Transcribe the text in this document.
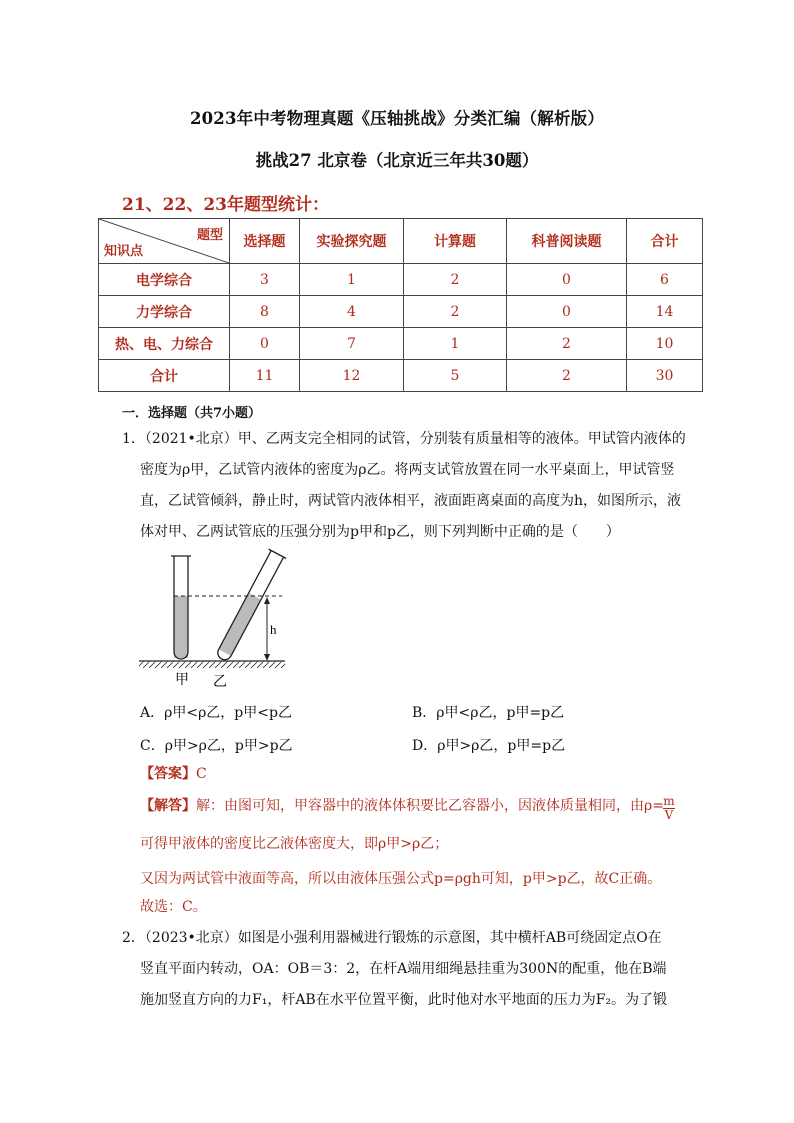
2023年中考物理真题《压轴挑战》分类汇编（解析版）
挑战27 北京卷（北京近三年共30题）
21、22、23年题型统计：
题型
知识点	选择题	实验探究题	计算题	科普阅读题	合计
电学综合	3	1	2	0	6
力学综合	8	4	2	0	14
热、电、力综合	0	7	1	2	10
合计	11	12	5	2	30
一．选择题（共7小题）
1．（2021•北京）甲、乙两支完全相同的试管，分别装有质量相等的液体。甲试管内液体的
密度为ρ甲，乙试管内液体的密度为ρ乙。将两支试管放置在同一水平桌面上，甲试管竖
直，乙试管倾斜，静止时，两试管内液体相平，液面距离桌面的高度为h，如图所示，液
体对甲、乙两试管底的压强分别为p甲和p乙，则下列判断中正确的是（　　）
h
甲 乙
A．ρ甲<ρ乙，p甲<p乙	B．ρ甲<ρ乙，p甲=p乙
C．ρ甲>ρ乙，p甲>p乙	D．ρ甲>ρ乙，p甲=p乙
【答案】C
【解答】解：由图可知，甲容器中的液体体积要比乙容器小，因液体质量相同，由$\rho= \frac{m}{V}$
可得甲液体的密度比乙液体密度大，即ρ甲>ρ乙；
又因为两试管中液面等高，所以由液体压强公式p=ρgh可知，p甲>p乙，故C正确。
故选：C。
2．（2023•北京）如图是小强利用器械进行锻炼的示意图，其中横杆AB可绕固定点O在
竖直平面内转动，OA：OB＝3：2，在杆A端用细绳悬挂重为300N的配重，他在B端
施加竖直方向的力F₁，杆AB在水平位置平衡，此时他对水平地面的压力为F₂。为了锻
